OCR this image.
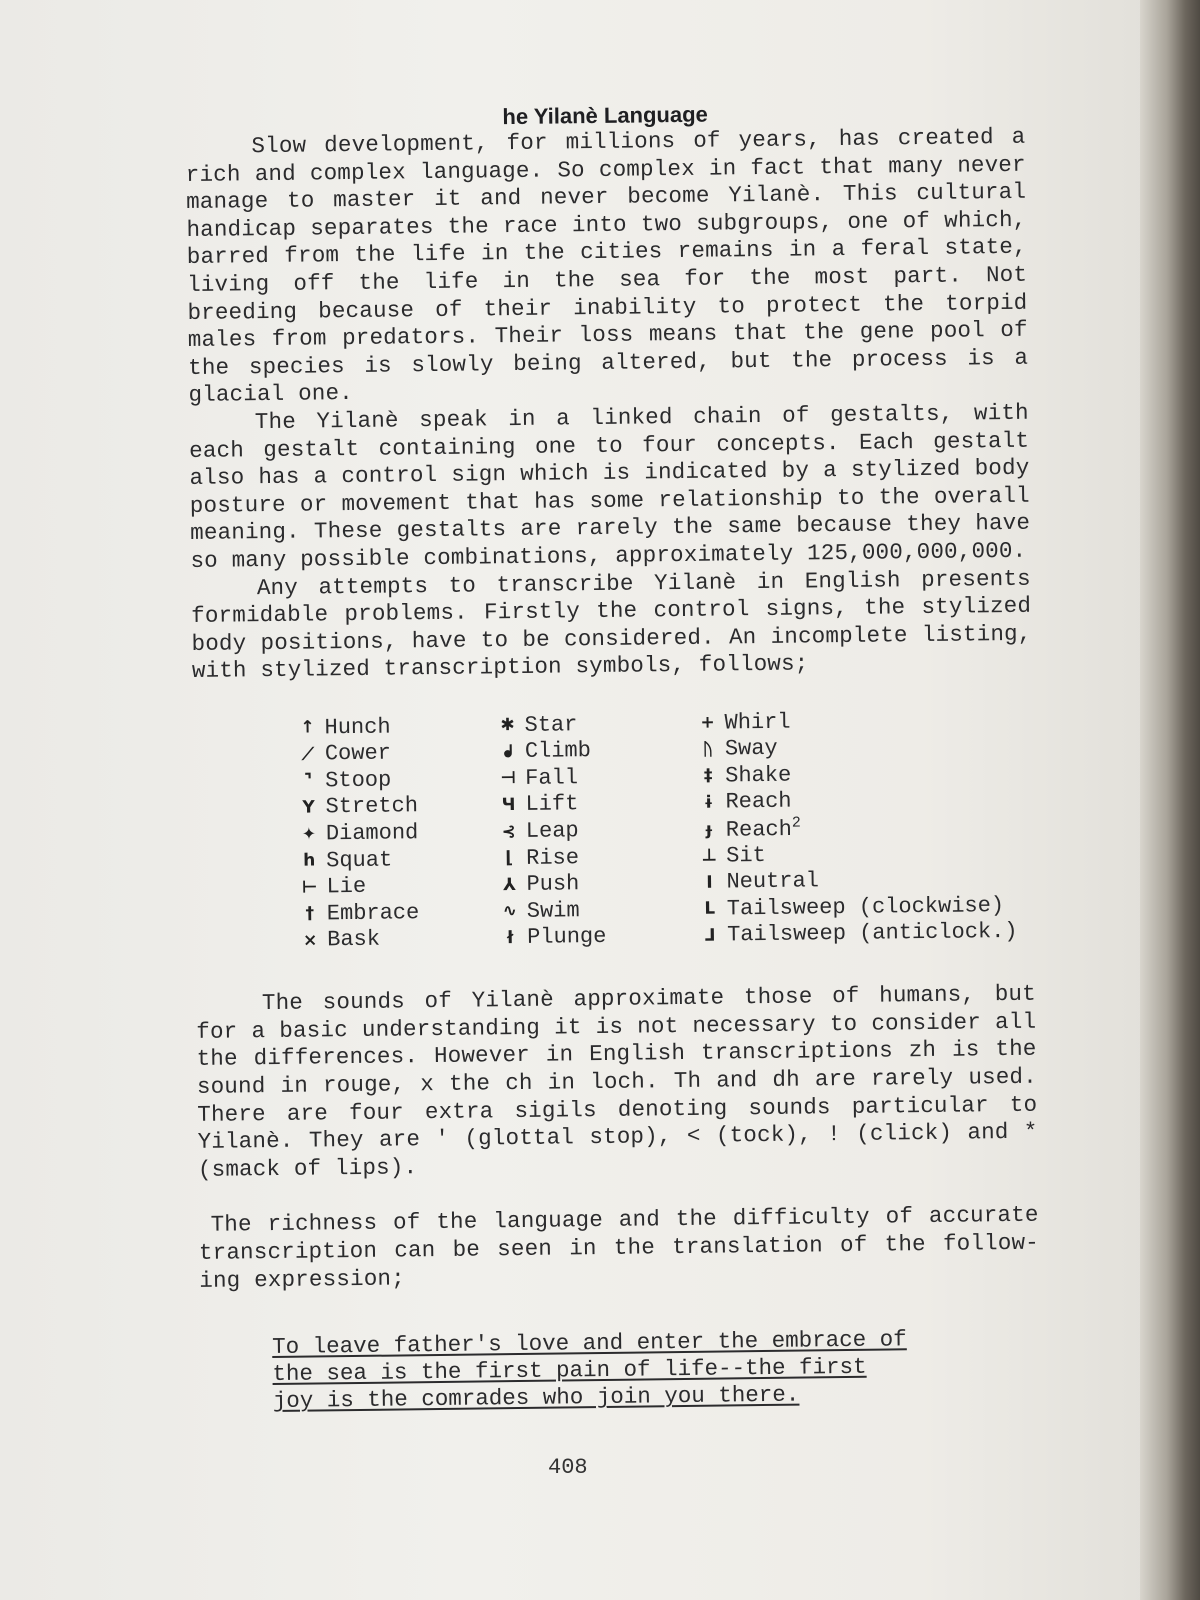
he Yilanè Language

Slow development, for millions of years, has created a rich and complex language. So complex in fact that many never manage to master it and never become Yilanè. This cultural handicap separates the race into two subgroups, one of which, barred from the life in the cities remains in a feral state, living off the life in the sea for the most part. Not breeding because of their inability to protect the torpid males from predators. Their loss means that the gene pool of the species is slowly being altered, but the process is a glacial one.

The Yilanè speak in a linked chain of gestalts, with each gestalt containing one to four concepts. Each gestalt also has a control sign which is indicated by a stylized body posture or movement that has some relationship to the overall meaning. These gestalts are rarely the same because they have so many possible combinations, approximately 125,000,000,000.

Any attempts to transcribe Yilanè in English presents formidable problems. Firstly the control signs, the stylized body positions, have to be considered. An incomplete listing, with stylized transcription symbols, follows;

↑ Hunch
⟋ Cower
⌝ Stoop
Y Stretch
✦ Diamond
h Squat
⊢ Lie
† Embrace
× Bask
✱ Star
ᖱ Climb
⊣ Fall
Ч Lift
⊰ Leap
⌊ Rise
⅄ Push
∿ Swim
ł Plunge
+ Whirl
ᚢ Sway
‡ Shake
ɨ Reach
ɟ Reach$^2$
⊥ Sit
I Neutral
ᒪ Tailsweep (clockwise)
ᒧ Tailsweep (anticlock.)

The sounds of Yilanè approximate those of humans, but for a basic understanding it is not necessary to consider all the differences. However in English transcriptions zh is the sound in rouge, x the ch in loch. Th and dh are rarely used. There are four extra sigils denoting sounds particular to Yilanè. They are ' (glottal stop), < (tock), ! (click) and * (smack of lips).

The richness of the language and the difficulty of accurate transcription can be seen in the translation of the follow-ing expression;

To leave father's love and enter the embrace of the sea is the first pain of life--the first joy is the comrades who join you there.

408
